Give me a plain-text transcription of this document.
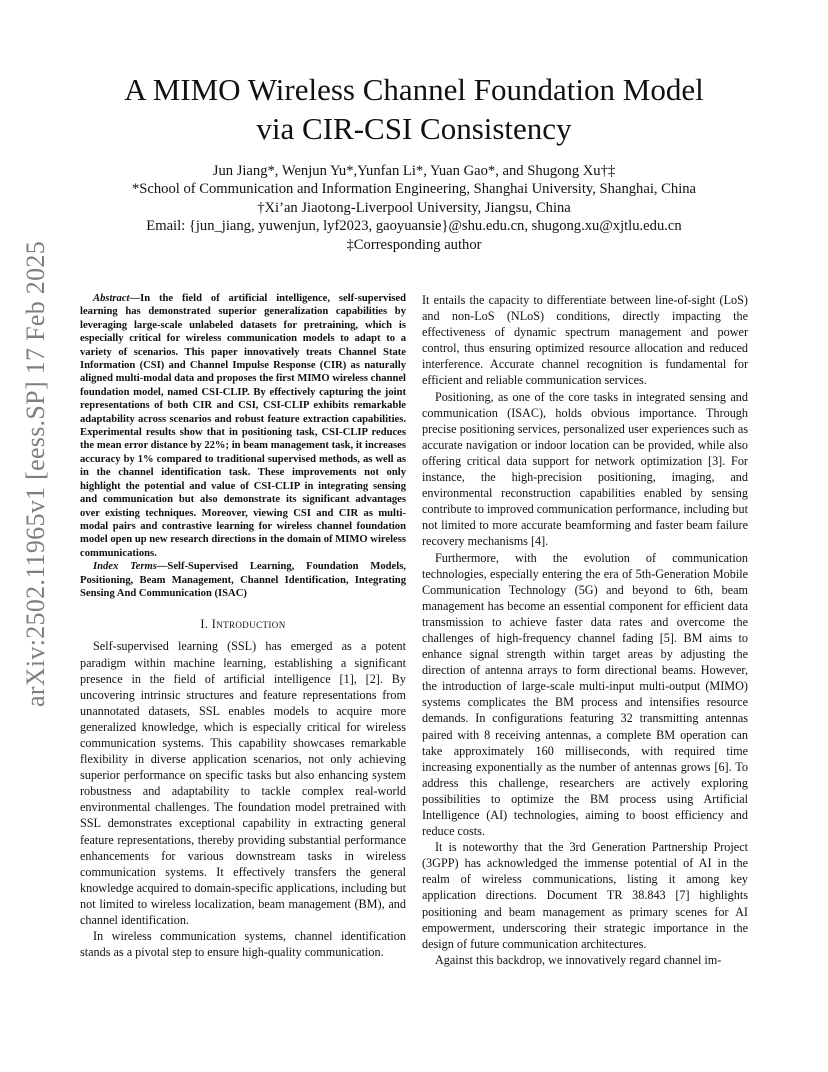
arXiv:2502.11965v1 [eess.SP] 17 Feb 2025
A MIMO Wireless Channel Foundation Model
via CIR-CSI Consistency
Jun Jiang*, Wenjun Yu*,Yunfan Li*, Yuan Gao*, and Shugong Xu†‡
*School of Communication and Information Engineering, Shanghai University, Shanghai, China
†Xi’an Jiaotong-Liverpool University, Jiangsu, China
Email: {jun_jiang, yuwenjun, lyf2023, gaoyuansie}@shu.edu.cn, shugong.xu@xjtlu.edu.cn
‡Corresponding author

Abstract—In the field of artificial intelligence, self-supervised learning has demonstrated superior generalization capabilities by leveraging large-scale unlabeled datasets for pretraining, which is especially critical for wireless communication models to adapt to a variety of scenarios. This paper innovatively treats Channel State Information (CSI) and Channel Impulse Response (CIR) as naturally aligned multi-modal data and proposes the first MIMO wireless channel foundation model, named CSI-CLIP. By effectively capturing the joint representations of both CIR and CSI, CSI-CLIP exhibits remarkable adaptability across scenarios and robust feature extraction capabilities. Experimental results show that in positioning task, CSI-CLIP reduces the mean error distance by 22%; in beam management task, it increases accuracy by 1% compared to traditional supervised methods, as well as in the channel identification task. These improvements not only highlight the potential and value of CSI-CLIP in integrating sensing and communication but also demonstrate its significant advantages over existing techniques. Moreover, viewing CSI and CIR as multi-modal pairs and contrastive learning for wireless channel foundation model open up new research directions in the domain of MIMO wireless communications.

Index Terms—Self-Supervised Learning, Foundation Models, Positioning, Beam Management, Channel Identification, Integrating Sensing And Communication (ISAC)

I. Introduction

Self-supervised learning (SSL) has emerged as a potent paradigm within machine learning, establishing a significant presence in the field of artificial intelligence [1], [2]. By uncovering intrinsic structures and feature representations from unannotated datasets, SSL enables models to acquire more generalized knowledge, which is especially critical for wireless communication systems. This capability showcases remarkable flexibility in diverse application scenarios, not only achieving superior performance on specific tasks but also enhancing system robustness and adaptability to tackle complex real-world environmental challenges. The foundation model pretrained with SSL demonstrates exceptional capability in extracting general feature representations, thereby providing substantial performance enhancements for various downstream tasks in wireless communication systems. It effectively transfers the general knowledge acquired to domain-specific applications, including but not limited to wireless localization, beam management (BM), and channel identification.

In wireless communication systems, channel identification stands as a pivotal step to ensure high-quality communication.

It entails the capacity to differentiate between line-of-sight (LoS) and non-LoS (NLoS) conditions, directly impacting the effectiveness of dynamic spectrum management and power control, thus ensuring optimized resource allocation and reduced interference. Accurate channel recognition is fundamental for efficient and reliable communication services.

Positioning, as one of the core tasks in integrated sensing and communication (ISAC), holds obvious importance. Through precise positioning services, personalized user experiences such as accurate navigation or indoor location can be provided, while also offering critical data support for network optimization [3]. For instance, the high-precision positioning, imaging, and environmental reconstruction capabilities enabled by sensing contribute to improved communication performance, including but not limited to more accurate beamforming and faster beam failure recovery mechanisms [4].

Furthermore, with the evolution of communication technologies, especially entering the era of 5th-Generation Mobile Communication Technology (5G) and beyond to 6th, beam management has become an essential component for efficient data transmission to achieve faster data rates and overcome the challenges of high-frequency channel fading [5]. BM aims to enhance signal strength within target areas by adjusting the direction of antenna arrays to form directional beams. However, the introduction of large-scale multi-input multi-output (MIMO) systems complicates the BM process and intensifies resource demands. In configurations featuring 32 transmitting antennas paired with 8 receiving antennas, a complete BM operation can take approximately 160 milliseconds, with required time increasing exponentially as the number of antennas grows [6]. To address this challenge, researchers are actively exploring possibilities to optimize the BM process using Artificial Intelligence (AI) technologies, aiming to boost efficiency and reduce costs.

It is noteworthy that the 3rd Generation Partnership Project (3GPP) has acknowledged the immense potential of AI in the realm of wireless communications, listing it among key application directions. Document TR 38.843 [7] highlights positioning and beam management as primary scenes for AI empowerment, underscoring their strategic importance in the design of future communication architectures.

Against this backdrop, we innovatively regard channel im-
